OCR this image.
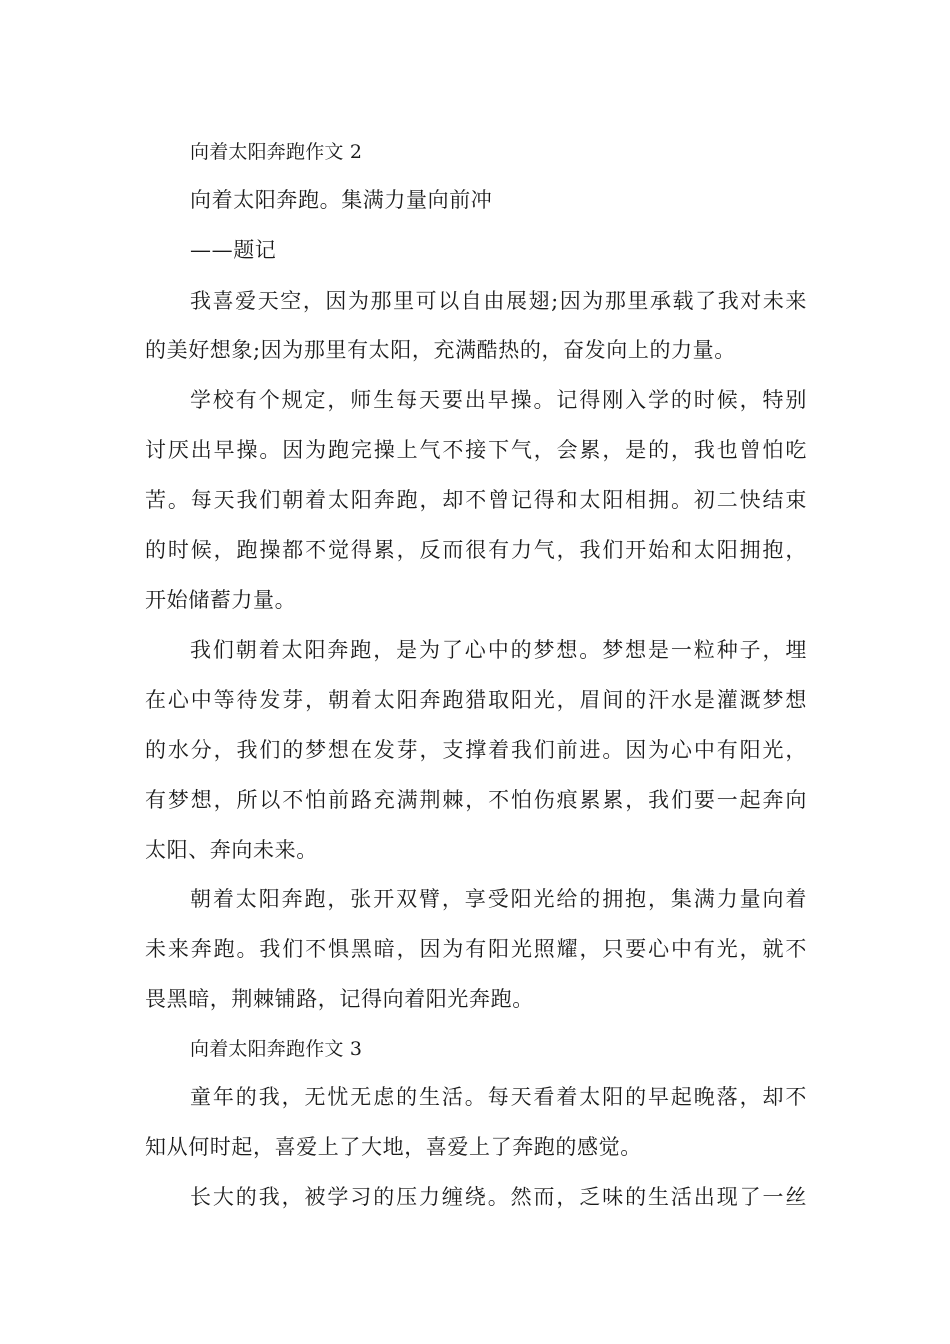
向着太阳奔跑作文 2

向着太阳奔跑。集满力量向前冲

——题记

我喜爱天空，因为那里可以自由展翅;因为那里承载了我对未来

的美好想象;因为那里有太阳，充满酷热的，奋发向上的力量。

学校有个规定，师生每天要出早操。记得刚入学的时候，特别

讨厌出早操。因为跑完操上气不接下气，会累，是的，我也曾怕吃

苦。每天我们朝着太阳奔跑，却不曾记得和太阳相拥。初二快结束

的时候，跑操都不觉得累，反而很有力气，我们开始和太阳拥抱，

开始储蓄力量。

我们朝着太阳奔跑，是为了心中的梦想。梦想是一粒种子，埋

在心中等待发芽，朝着太阳奔跑猎取阳光，眉间的汗水是灌溉梦想

的水分，我们的梦想在发芽，支撑着我们前进。因为心中有阳光，

有梦想，所以不怕前路充满荆棘，不怕伤痕累累，我们要一起奔向

太阳、奔向未来。

朝着太阳奔跑，张开双臂，享受阳光给的拥抱，集满力量向着

未来奔跑。我们不惧黑暗，因为有阳光照耀，只要心中有光，就不

畏黑暗，荆棘铺路，记得向着阳光奔跑。

向着太阳奔跑作文 3

童年的我，无忧无虑的生活。每天看着太阳的早起晚落，却不

知从何时起，喜爱上了大地，喜爱上了奔跑的感觉。

长大的我，被学习的压力缠绕。然而，乏味的生活出现了一丝
